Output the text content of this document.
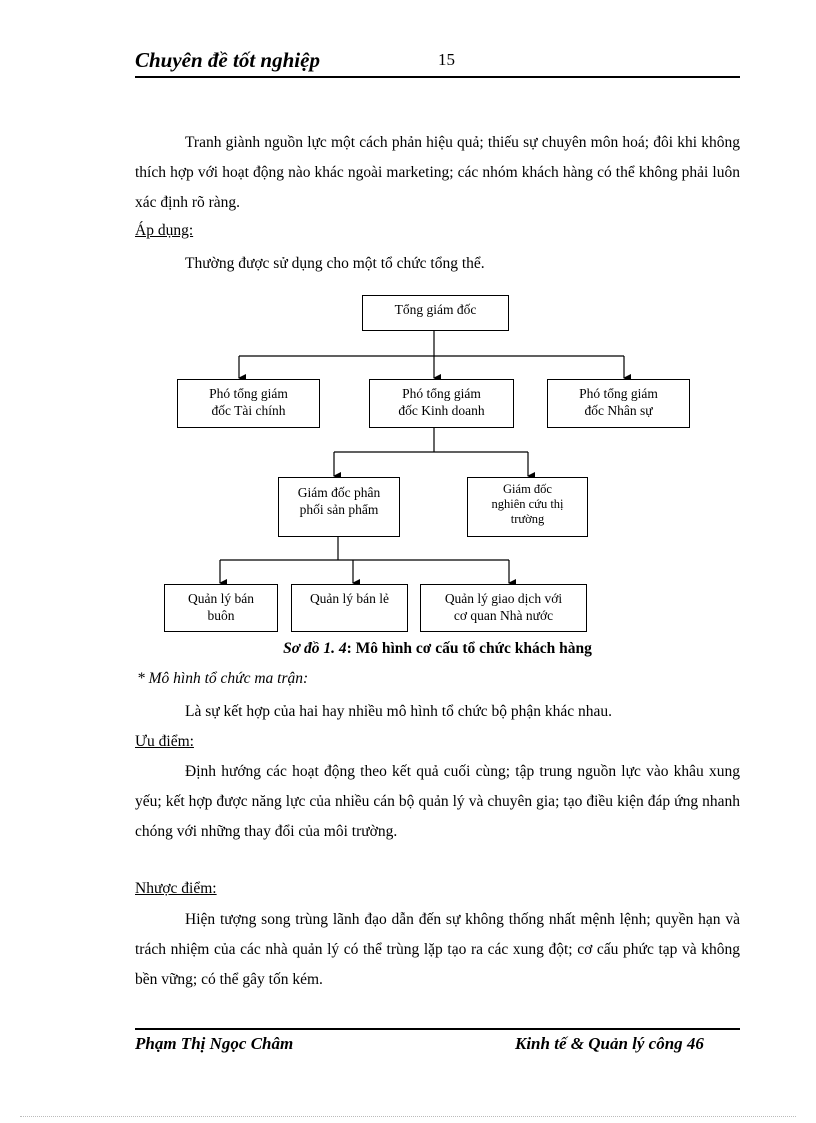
Chuyên đề tốt nghiệp	15
Tranh giành nguồn lực một cách phản hiệu quả; thiếu sự chuyên môn hoá; đôi khi không thích hợp với hoạt động nào khác ngoài marketing; các nhóm khách hàng có thể không phải luôn xác định rõ ràng.
Áp dụng:
Thường được sử dụng cho một tổ chức tổng thể.
Tổng giám đốc
Phó tổng giám
đốc Tài chính
Phó tổng giám
đốc Kinh doanh
Phó tổng giám
đốc Nhân sự
Giám đốc phân
phối sản phẩm
Giám đốc
nghiên cứu thị
trường
Quản lý bán
buôn
Quản lý bán lẻ	Quản lý giao dịch với
cơ quan Nhà nước
Sơ đồ 1. 4: Mô hình cơ cấu tổ chức khách hàng
* Mô hình tổ chức ma trận:
Là sự kết hợp của hai hay nhiều mô hình tổ chức bộ phận khác nhau.
Ưu điểm:
Định hướng các hoạt động theo kết quả cuối cùng; tập trung nguồn lực vào khâu xung yếu; kết hợp được năng lực của nhiều cán bộ quản lý và chuyên gia; tạo điều kiện đáp ứng nhanh chóng với những thay đổi của môi trường.
Nhược điểm:
Hiện tượng song trùng lãnh đạo dẫn đến sự không thống nhất mệnh lệnh; quyền hạn và trách nhiệm của các nhà quản lý có thể trùng lặp tạo ra các xung đột; cơ cấu phức tạp và không bền vững; có thể gây tốn kém.
Phạm Thị Ngọc Châm	Kinh tế & Quản lý công 46
